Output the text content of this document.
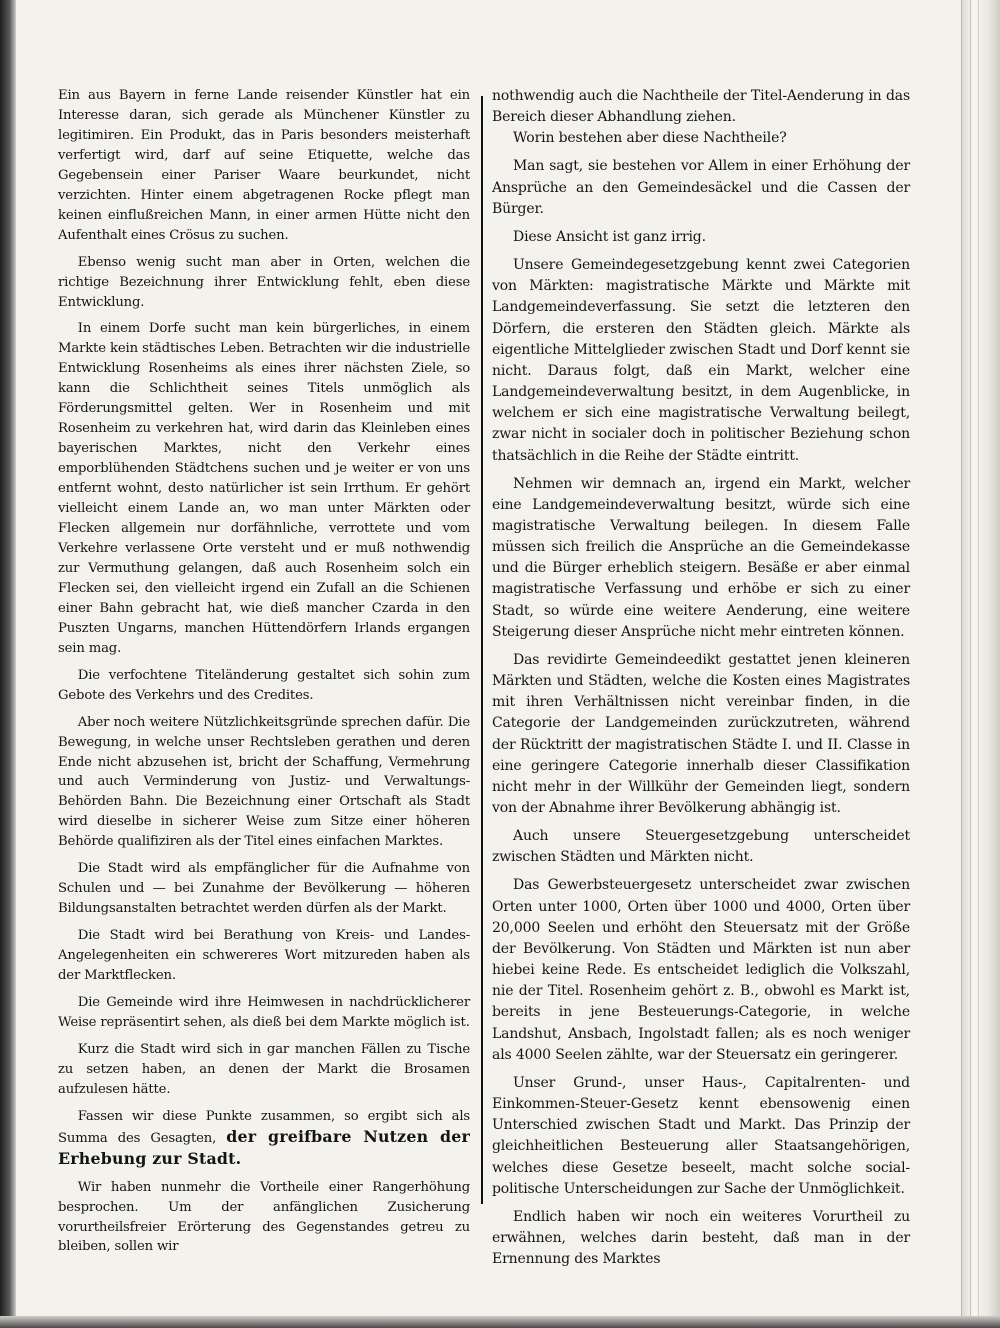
Ein aus Bayern in ferne Lande reisender Künstler hat ein Interesse daran, sich gerade als Münchener Künstler zu legitimiren. Ein Produkt, das in Paris besonders meisterhaft verfertigt wird, darf auf seine Etiquette, welche das Gegebensein einer Pariser Waare beurkundet, nicht verzichten. Hinter einem abgetragenen Rocke pflegt man keinen einflußreichen Mann, in einer armen Hütte nicht den Aufenthalt eines Crösus zu suchen.

Ebenso wenig sucht man aber in Orten, welchen die richtige Bezeichnung ihrer Entwicklung fehlt, eben diese Entwicklung.

In einem Dorfe sucht man kein bürgerliches, in einem Markte kein städtisches Leben. Betrachten wir die industrielle Entwicklung Rosenheims als eines ihrer nächsten Ziele, so kann die Schlichtheit seines Titels unmöglich als Förderungsmittel gelten. Wer in Rosenheim und mit Rosenheim zu verkehren hat, wird darin das Kleinleben eines bayerischen Marktes, nicht den Verkehr eines emporblühenden Städtchens suchen und je weiter er von uns entfernt wohnt, desto natürlicher ist sein Irrthum. Er gehört vielleicht einem Lande an, wo man unter Märkten oder Flecken allgemein nur dorfähnliche, verrottete und vom Verkehre verlassene Orte versteht und er muß nothwendig zur Vermuthung gelangen, daß auch Rosenheim solch ein Flecken sei, den vielleicht irgend ein Zufall an die Schienen einer Bahn gebracht hat, wie dieß mancher Czarda in den Puszten Ungarns, manchen Hüttendörfern Irlands ergangen sein mag.

Die verfochtene Titeländerung gestaltet sich sohin zum Gebote des Verkehrs und des Credites.

Aber noch weitere Nützlichkeitsgründe sprechen dafür. Die Bewegung, in welche unser Rechtsleben gerathen und deren Ende nicht abzusehen ist, bricht der Schaffung, Vermehrung und auch Verminderung von Justiz- und Verwaltungs-Behörden Bahn. Die Bezeichnung einer Ortschaft als Stadt wird dieselbe in sicherer Weise zum Sitze einer höheren Behörde qualifiziren als der Titel eines einfachen Marktes.

Die Stadt wird als empfänglicher für die Aufnahme von Schulen und — bei Zunahme der Bevölkerung — höheren Bildungsanstalten betrachtet werden dürfen als der Markt.

Die Stadt wird bei Berathung von Kreis- und Landes-Angelegenheiten ein schwereres Wort mitzureden haben als der Marktflecken.

Die Gemeinde wird ihre Heimwesen in nachdrücklicherer Weise repräsentirt sehen, als dieß bei dem Markte möglich ist.

Kurz die Stadt wird sich in gar manchen Fällen zu Tische zu setzen haben, an denen der Markt die Brosamen aufzulesen hätte.

Fassen wir diese Punkte zusammen, so ergibt sich als Summa des Gesagten, der greifbare Nutzen der Erhebung zur Stadt.

Wir haben nunmehr die Vortheile einer Rangerhöhung besprochen. Um der anfänglichen Zusicherung vorurtheilsfreier Erörterung des Gegenstandes getreu zu bleiben, sollen wir

nothwendig auch die Nachtheile der Titel-Aenderung in das Bereich dieser Abhandlung ziehen.

Worin bestehen aber diese Nachtheile?

Man sagt, sie bestehen vor Allem in einer Erhöhung der Ansprüche an den Gemeindesäckel und die Cassen der Bürger.

Diese Ansicht ist ganz irrig.

Unsere Gemeindegesetzgebung kennt zwei Categorien von Märkten: magistratische Märkte und Märkte mit Landgemeindeverfassung. Sie setzt die letzteren den Dörfern, die ersteren den Städten gleich. Märkte als eigentliche Mittelglieder zwischen Stadt und Dorf kennt sie nicht. Daraus folgt, daß ein Markt, welcher eine Landgemeindeverwaltung besitzt, in dem Augenblicke, in welchem er sich eine magistratische Verwaltung beilegt, zwar nicht in socialer doch in politischer Beziehung schon thatsächlich in die Reihe der Städte eintritt.

Nehmen wir demnach an, irgend ein Markt, welcher eine Landgemeindeverwaltung besitzt, würde sich eine magistratische Verwaltung beilegen. In diesem Falle müssen sich freilich die Ansprüche an die Gemeindekasse und die Bürger erheblich steigern. Besäße er aber einmal magistratische Verfassung und erhöbe er sich zu einer Stadt, so würde eine weitere Aenderung, eine weitere Steigerung dieser Ansprüche nicht mehr eintreten können.

Das revidirte Gemeindeedikt gestattet jenen kleineren Märkten und Städten, welche die Kosten eines Magistrates mit ihren Verhältnissen nicht vereinbar finden, in die Categorie der Landgemeinden zurückzutreten, während der Rücktritt der magistratischen Städte I. und II. Classe in eine geringere Categorie innerhalb dieser Classifikation nicht mehr in der Willkühr der Gemeinden liegt, sondern von der Abnahme ihrer Bevölkerung abhängig ist.

Auch unsere Steuergesetzgebung unterscheidet zwischen Städten und Märkten nicht.

Das Gewerbsteuergesetz unterscheidet zwar zwischen Orten unter 1000, Orten über 1000 und 4000, Orten über 20,000 Seelen und erhöht den Steuersatz mit der Größe der Bevölkerung. Von Städten und Märkten ist nun aber hiebei keine Rede. Es entscheidet lediglich die Volkszahl, nie der Titel. Rosenheim gehört z. B., obwohl es Markt ist, bereits in jene Besteuerungs-Categorie, in welche Landshut, Ansbach, Ingolstadt fallen; als es noch weniger als 4000 Seelen zählte, war der Steuersatz ein geringerer.

Unser Grund-, unser Haus-, Capitalrenten- und Einkommen-Steuer-Gesetz kennt ebensowenig einen Unterschied zwischen Stadt und Markt. Das Prinzip der gleichheitlichen Besteuerung aller Staatsangehörigen, welches diese Gesetze beseelt, macht solche social-politische Unterscheidungen zur Sache der Unmöglichkeit.

Endlich haben wir noch ein weiteres Vorurtheil zu erwähnen, welches darin besteht, daß man in der Ernennung des Marktes
